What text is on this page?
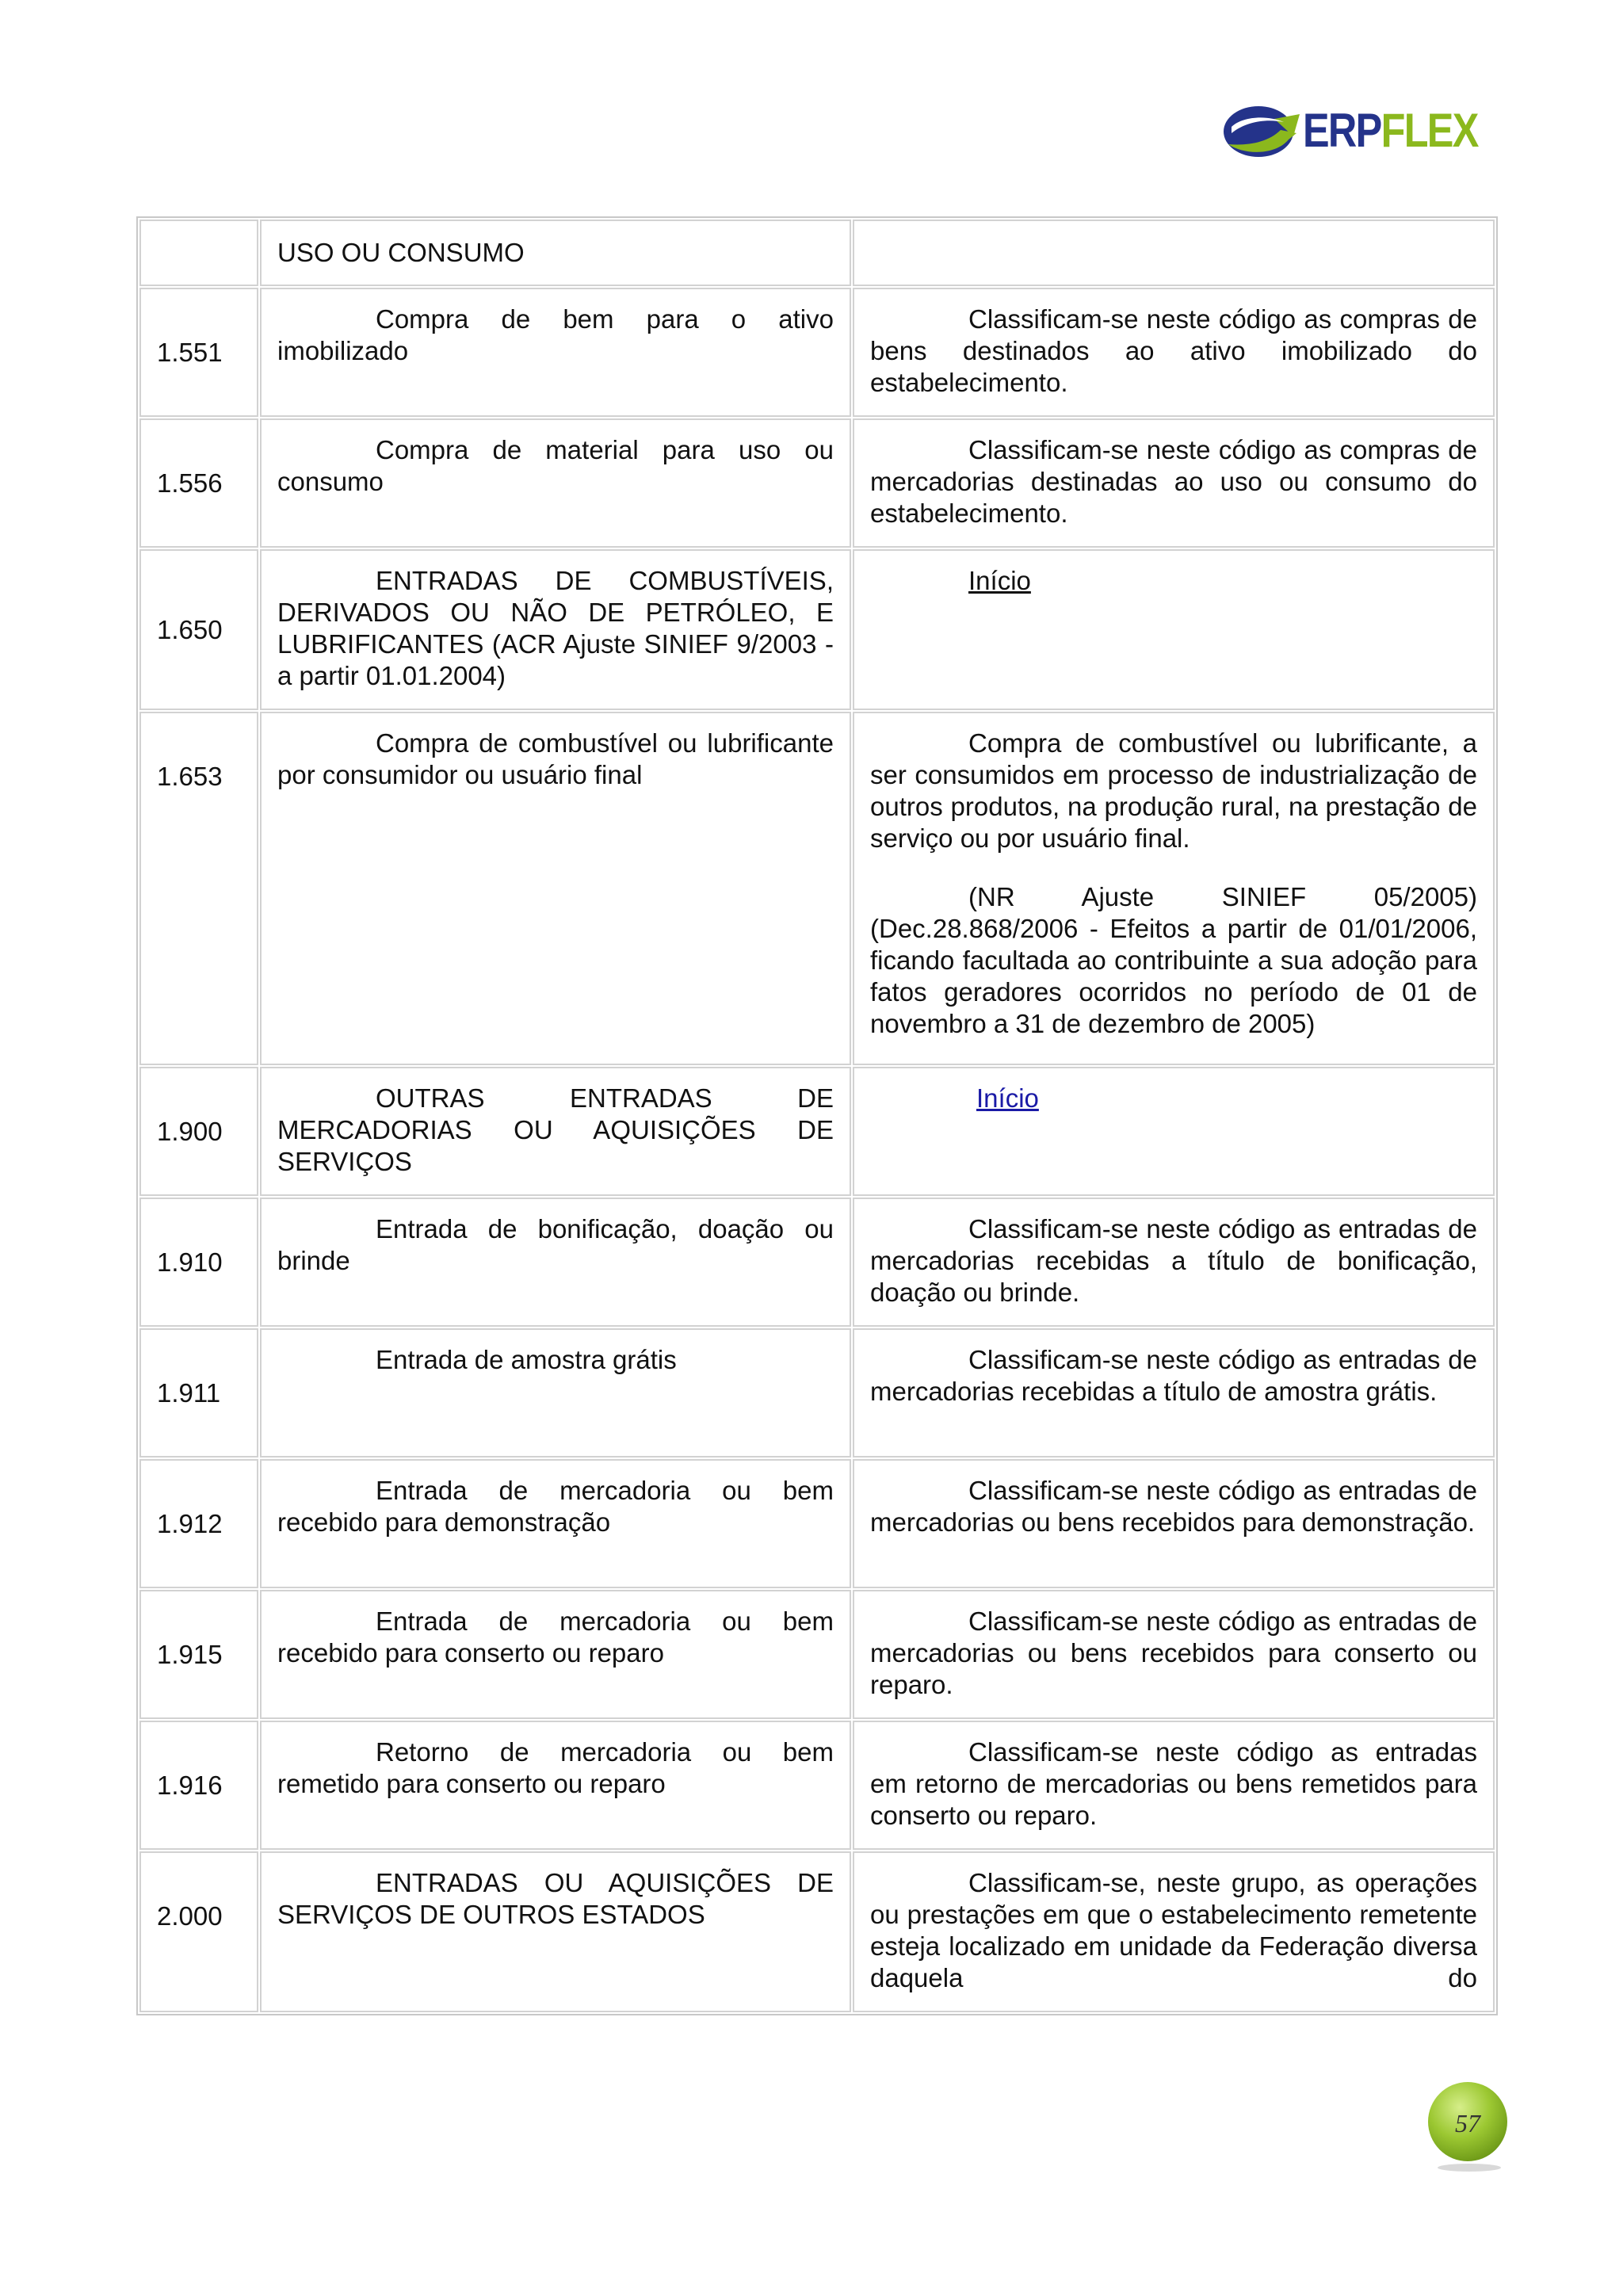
ERPFLEX

	USO OU CONSUMO	

1.551	Compra de bem para o ativo imobilizado	Classificam-se neste código as compras de bens destinados ao ativo imobilizado do estabelecimento.

1.556	Compra de material para uso ou consumo	Classificam-se neste código as compras de mercadorias destinadas ao uso ou consumo do estabelecimento.

1.650	ENTRADAS DE COMBUSTÍVEIS, DERIVADOS OU NÃO DE PETRÓLEO, E LUBRIFICANTES (ACR Ajuste SINIEF 9/2003 - a partir 01.01.2004)	Início
1.653	Compra de combustível ou lubrificante por consumidor ou usuário final	Compra de combustível ou lubrificante, a ser consumidos em processo de industrialização de outros produtos, na produção rural, na prestação de serviço ou por usuário final.

(NR Ajuste SINIEF 05/2005) (Dec.28.868/2006 - Efeitos a partir de 01/01/2006, ficando facultada ao contribuinte a sua adoção para fatos geradores ocorridos no período de 01 de novembro a 31 de dezembro de 2005)

1.900	OUTRAS ENTRADAS DE MERCADORIAS OU AQUISIÇÕES DE SERVIÇOS	Início
1.910	Entrada de bonificação, doação ou brinde	Classificam-se neste código as entradas de mercadorias recebidas a título de bonificação, doação ou brinde.

1.911	Entrada de amostra grátis	Classificam-se neste código as entradas de mercadorias recebidas a título de amostra grátis.

1.912	Entrada de mercadoria ou bem recebido para demonstração	Classificam-se neste código as entradas de mercadorias ou bens recebidos para demonstração.

1.915	Entrada de mercadoria ou bem recebido para conserto ou reparo	Classificam-se neste código as entradas de mercadorias ou bens recebidos para conserto ou reparo.

1.916	Retorno de mercadoria ou bem remetido para conserto ou reparo	Classificam-se neste código as entradas em retorno de mercadorias ou bens remetidos para conserto ou reparo.

2.000	ENTRADAS OU AQUISIÇÕES DE SERVIÇOS DE OUTROS ESTADOS	Classificam-se, neste grupo, as operações ou prestações em que o estabelecimento remetente esteja localizado em unidade da Federação diversa daquela do

57
